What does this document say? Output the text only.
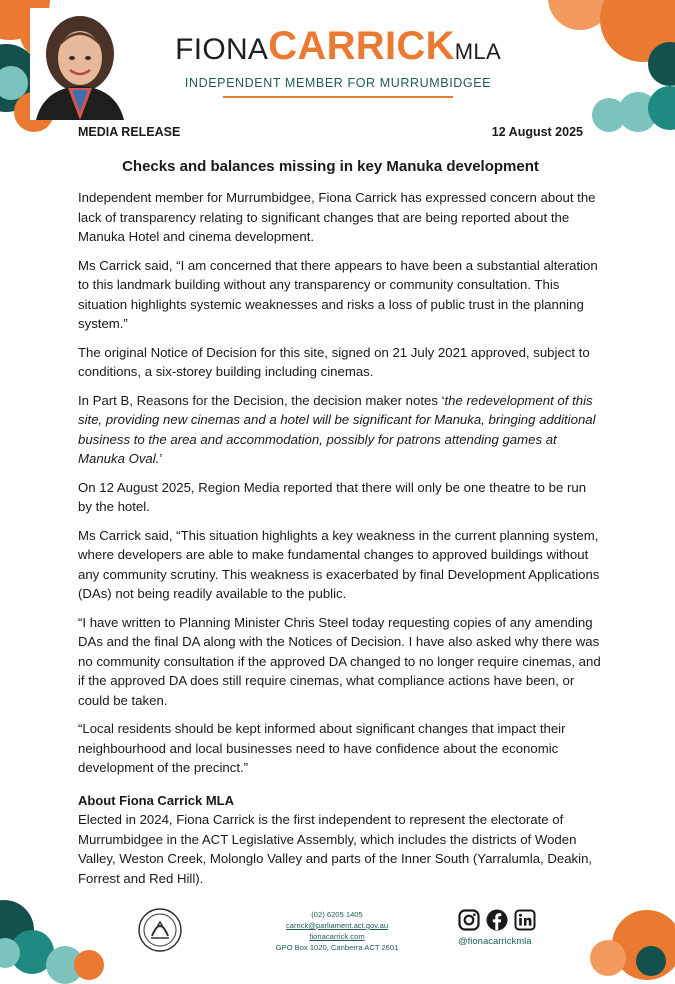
FIONACARRICKMLA
INDEPENDENT MEMBER FOR MURRUMBIDGEE
MEDIA RELEASE	12 August 2025
Checks and balances missing in key Manuka development

Independent member for Murrumbidgee, Fiona Carrick has expressed concern about the lack of transparency relating to significant changes that are being reported about the Manuka Hotel and cinema development.

Ms Carrick said, “I am concerned that there appears to have been a substantial alteration to this landmark building without any transparency or community consultation. This situation highlights systemic weaknesses and risks a loss of public trust in the planning system.”

The original Notice of Decision for this site, signed on 21 July 2021 approved, subject to conditions, a six-storey building including cinemas.

In Part B, Reasons for the Decision, the decision maker notes ‘the redevelopment of this site, providing new cinemas and a hotel will be significant for Manuka, bringing additional business to the area and accommodation, possibly for patrons attending games at Manuka Oval.’

On 12 August 2025, Region Media reported that there will only be one theatre to be run by the hotel.

Ms Carrick said, “This situation highlights a key weakness in the current planning system, where developers are able to make fundamental changes to approved buildings without any community scrutiny. This weakness is exacerbated by final Development Applications (DAs) not being readily available to the public.

“I have written to Planning Minister Chris Steel today requesting copies of any amending DAs and the final DA along with the Notices of Decision. I have also asked why there was no community consultation if the approved DA changed to no longer require cinemas, and if the approved DA does still require cinemas, what compliance actions have been, or could be taken.

“Local residents should be kept informed about significant changes that impact their neighbourhood and local businesses need to have confidence about the economic development of the precinct.”

About Fiona Carrick MLA

Elected in 2024, Fiona Carrick is the first independent to represent the electorate of Murrumbidgee in the ACT Legislative Assembly, which includes the districts of Woden Valley, Weston Creek, Molonglo Valley and parts of the Inner South (Yarralumla, Deakin, Forrest and Red Hill).

(02) 6205 1405
carrick@parliament.act.gov.au
fionacarrick.com
GPO Box 1020, Canberra ACT 2601
@fionacarrickmla
